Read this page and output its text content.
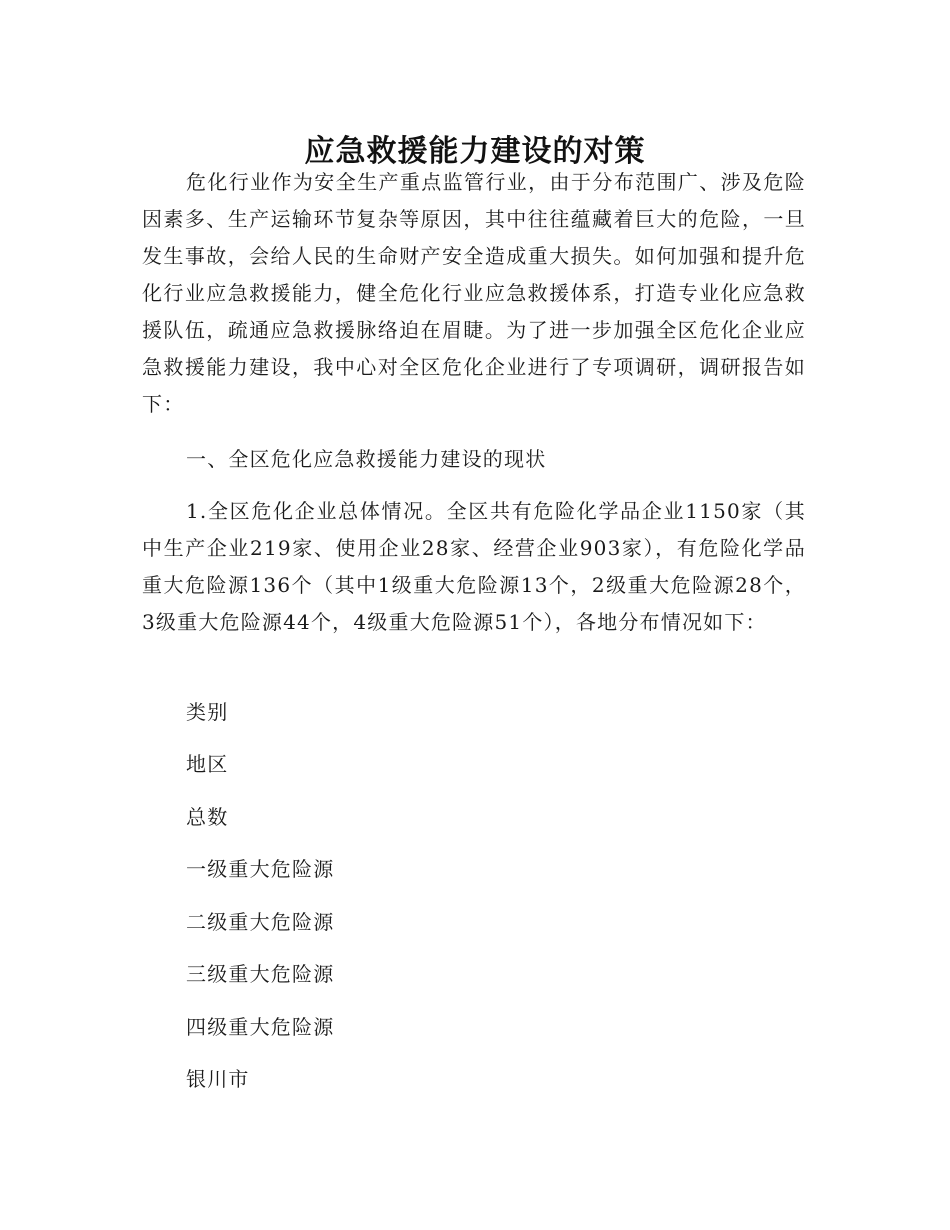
应急救援能力建设的对策

危化行业作为安全生产重点监管行业，由于分布范围广、涉及危险因素多、生产运输环节复杂等原因，其中往往蕴藏着巨大的危险，一旦发生事故，会给人民的生命财产安全造成重大损失。如何加强和提升危化行业应急救援能力，健全危化行业应急救援体系，打造专业化应急救援队伍，疏通应急救援脉络迫在眉睫。为了进一步加强全区危化企业应急救援能力建设，我中心对全区危化企业进行了专项调研，调研报告如下：

一、全区危化应急救援能力建设的现状

1.全区危化企业总体情况。全区共有危险化学品企业1150家（其中生产企业219家、使用企业28家、经营企业903家），有危险化学品重大危险源136个（其中1级重大危险源13个，2级重大危险源28个，3级重大危险源44个，4级重大危险源51个），各地分布情况如下：

类别

地区

总数

一级重大危险源

二级重大危险源

三级重大危险源

四级重大危险源

银川市
